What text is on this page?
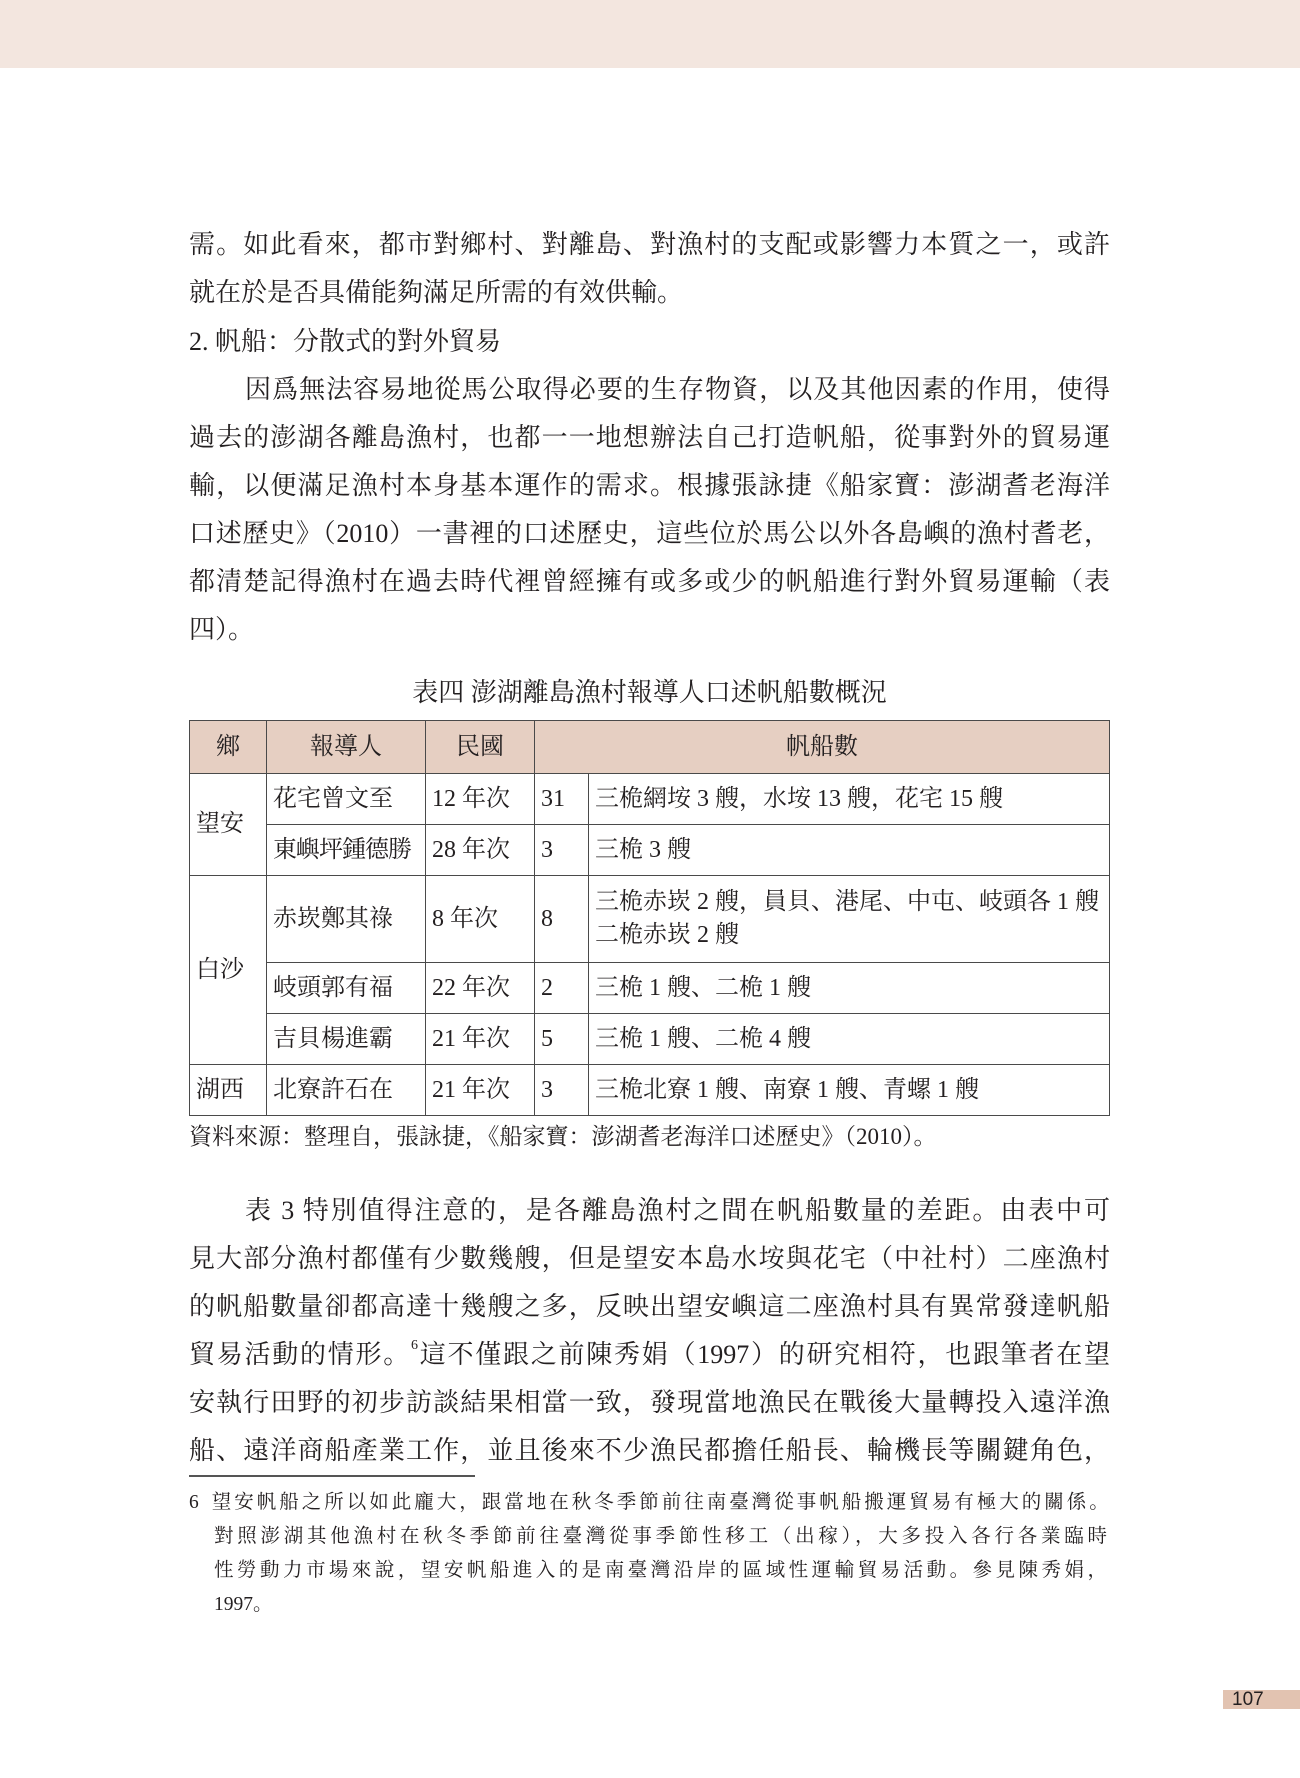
需。如此看來，都市對鄉村、對離島、對漁村的支配或影響力本質之一，或許
就在於是否具備能夠滿足所需的有效供輸。
2. 帆船：分散式的對外貿易
因爲無法容易地從馬公取得必要的生存物資，以及其他因素的作用，使得
過去的澎湖各離島漁村，也都一一地想辦法自己打造帆船，從事對外的貿易運
輸，以便滿足漁村本身基本運作的需求。根據張詠捷《船家寶：澎湖耆老海洋
口述歷史》（2010）一書裡的口述歷史，這些位於馬公以外各島嶼的漁村耆老，
都清楚記得漁村在過去時代裡曾經擁有或多或少的帆船進行對外貿易運輸（表
四）。
表四 澎湖離島漁村報導人口述帆船數概況
鄉	報導人	民國	帆船數	
望安	花宅曾文至	12 年次	31	三桅網垵 3 艘，水垵 13 艘，花宅 15 艘
	東嶼坪鍾德勝	28 年次	3	三桅 3 艘
白沙	赤崁鄭其祿	8 年次	8	三桅赤崁 2 艘，員貝、港尾、中屯、岐頭各 1 艘
二桅赤崁 2 艘

	岐頭郭有福	22 年次	2	三桅 1 艘、二桅 1 艘
	吉貝楊進霸	21 年次	5	三桅 1 艘、二桅 4 艘
湖西	北寮許石在	21 年次	3	三桅北寮 1 艘、南寮 1 艘、青螺 1 艘
資料來源：整理自，張詠捷，《船家寶：澎湖耆老海洋口述歷史》（2010）。
表 3 特別值得注意的，是各離島漁村之間在帆船數量的差距。由表中可
見大部分漁村都僅有少數幾艘，但是望安本島水垵與花宅（中社村）二座漁村
的帆船數量卻都高達十幾艘之多，反映出望安嶼這二座漁村具有異常發達帆船
貿易活動的情形。$^6$這不僅跟之前陳秀娟（1997）的研究相符，也跟筆者在望
安執行田野的初步訪談結果相當一致，發現當地漁民在戰後大量轉投入遠洋漁
船、遠洋商船產業工作，並且後來不少漁民都擔任船長、輪機長等關鍵角色，
6 望安帆船之所以如此龐大，跟當地在秋冬季節前往南臺灣從事帆船搬運貿易有極大的關係。
對照澎湖其他漁村在秋冬季節前往臺灣從事季節性移工（出稼），大多投入各行各業臨時
性勞動力市場來說，望安帆船進入的是南臺灣沿岸的區域性運輸貿易活動。參見陳秀娟，
1997。
107
